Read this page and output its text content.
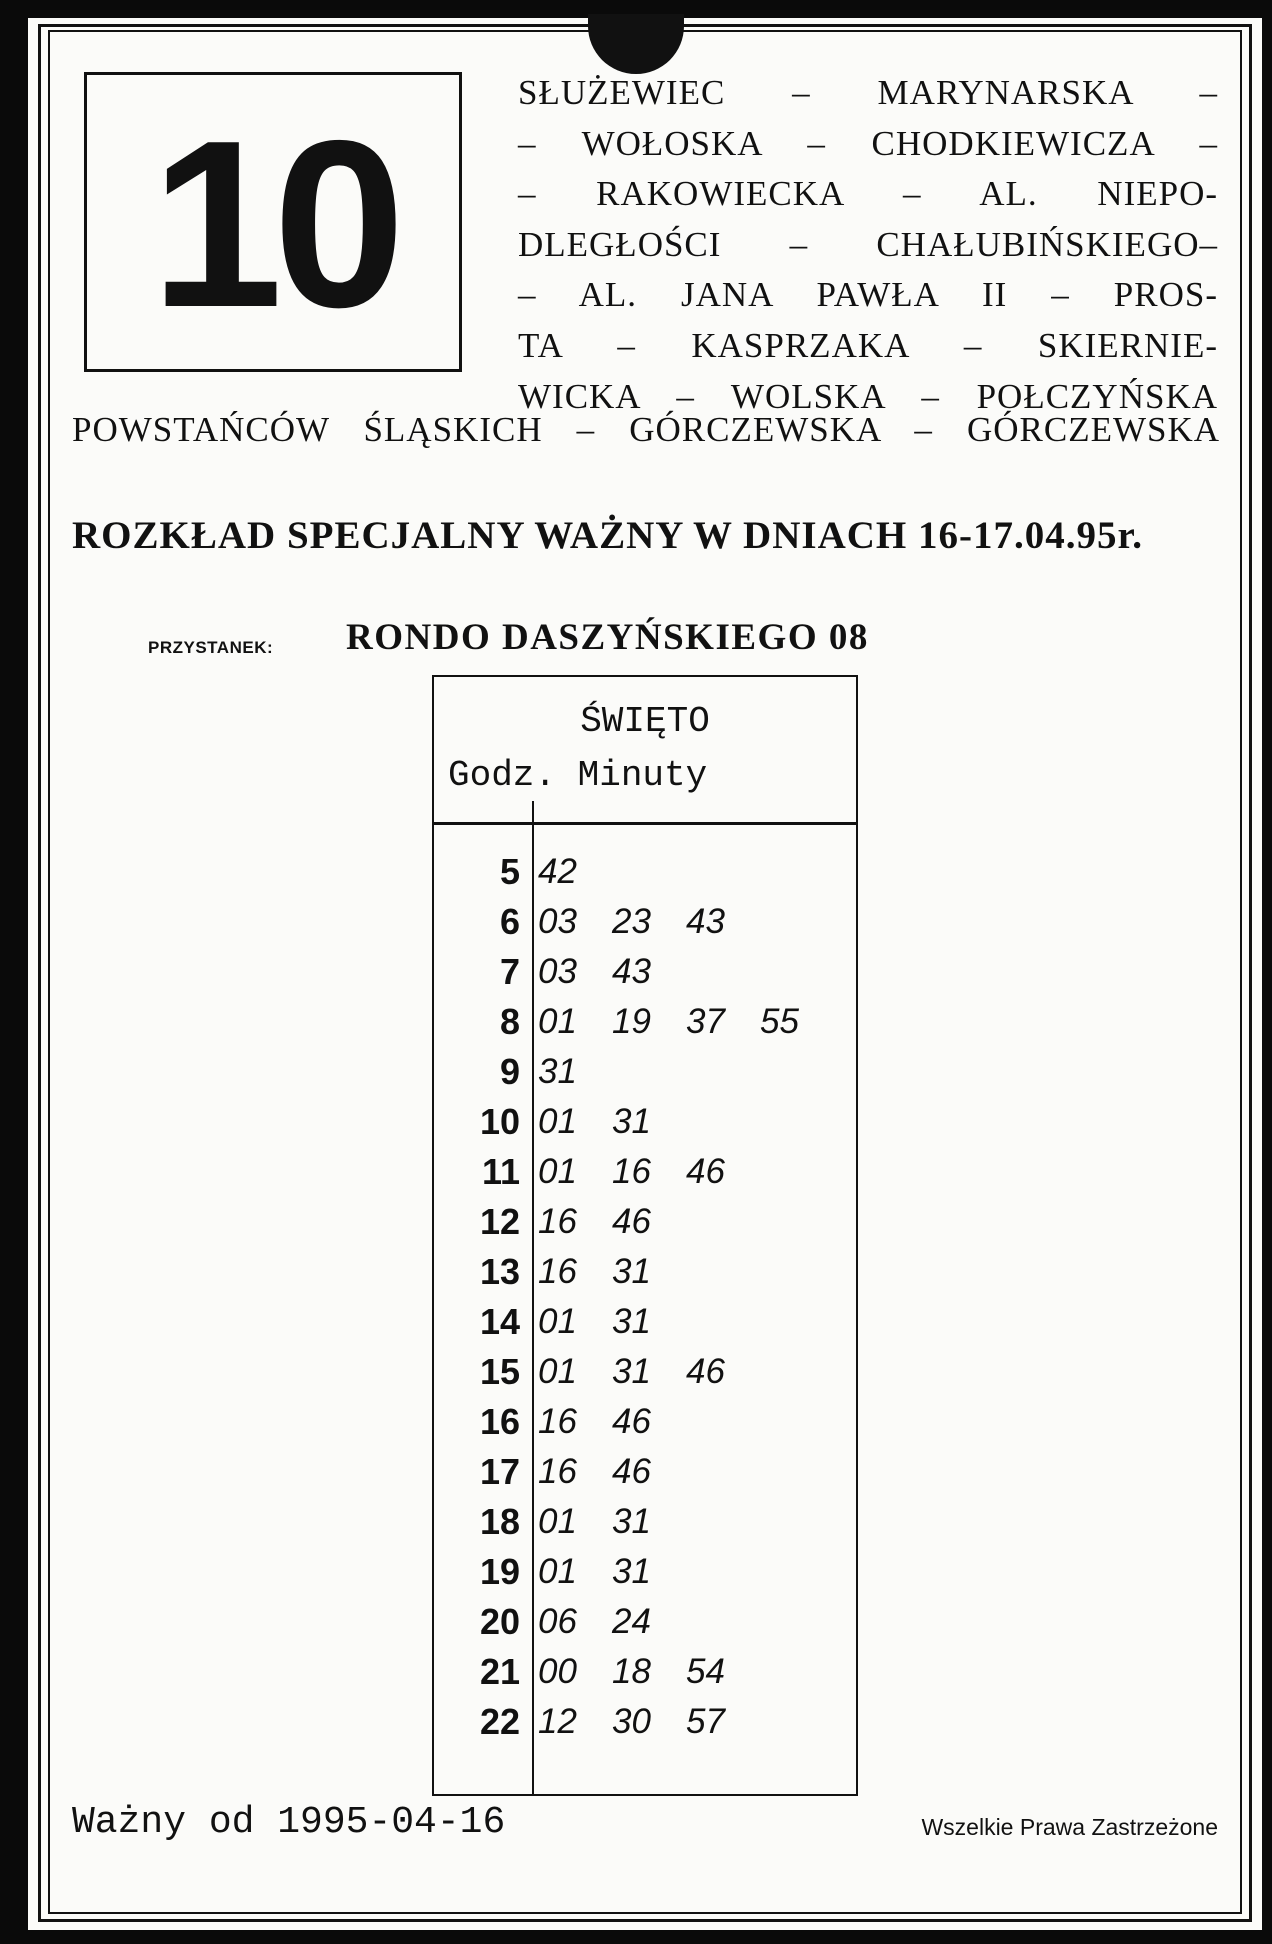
10	SŁUŻEWIEC – MARYNARSKA –
– WOŁOSKA – CHODKIEWICZA –
– RAKOWIECKA – AL. NIEPO-
DLEGŁOŚCI – CHAŁUBIŃSKIEGO–
– AL. JANA PAWŁA II – PROS-
TA – KASPRZAKA – SKIERNIE-
WICKA – WOLSKA – POŁCZYŃSKA
POWSTAŃCÓW ŚLĄSKICH – GÓRCZEWSKA – GÓRCZEWSKA
ROZKŁAD SPECJALNY WAŻNY W DNIACH 16-17.04.95r.
PRZYSTANEK: RONDO DASZYŃSKIEGO 08
ŚWIĘTO
Godz. Minuty
5 42
6 03	23	43
7 03	43
8 01	19	37	55
9 31
10 01	31
11 01	16	46
12 16	46
13 16	31
14 01	31
15 01	31	46
16 16	46
17 16	46
18 01	31
19 01	31
20 06	24
21 00	18	54
22 12	30	57
Ważny od 1995-04-16	Wszelkie Prawa Zastrzeżone
